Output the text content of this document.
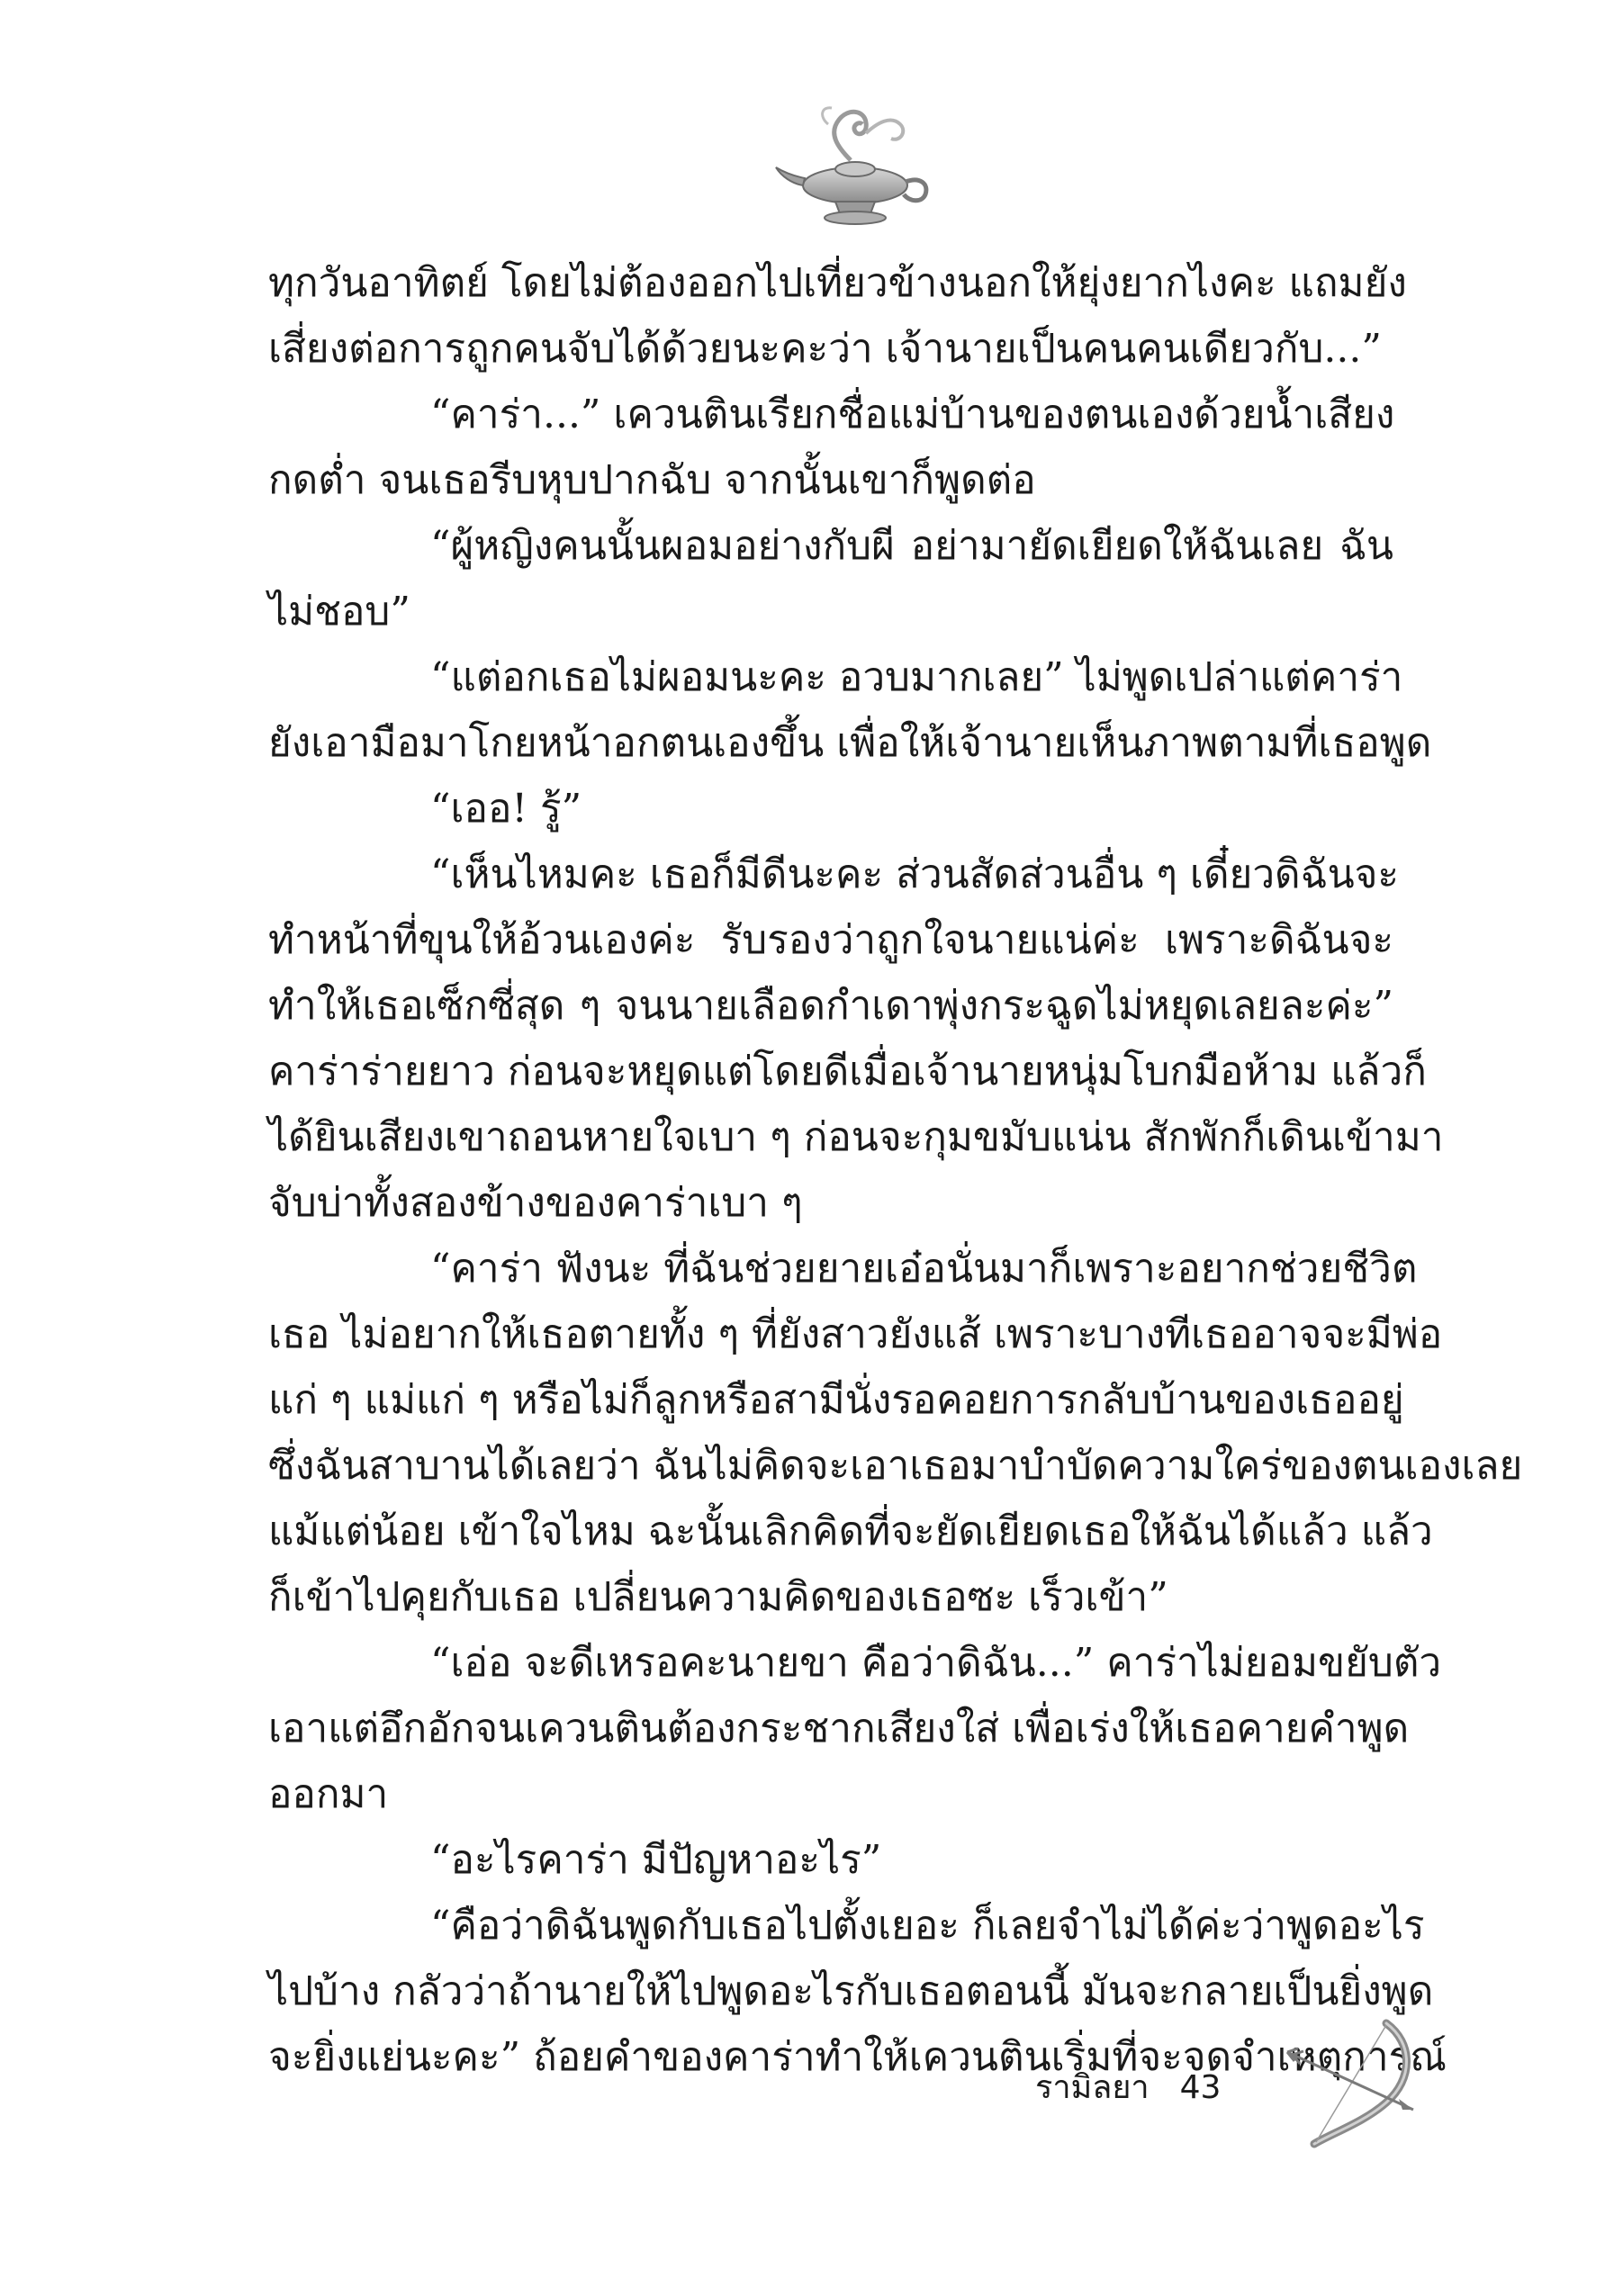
ทุกวันอาทิตย์ โดยไม่ต้องออกไปเที่ยวข้างนอกให้ยุ่งยากไงคะ แถมยัง
เสี่ยงต่อการถูกคนจับได้ด้วยนะคะว่า เจ้านายเป็นคนคนเดียวกับ...”
“คาร่า...” เควนตินเรียกชื่อแม่บ้านของตนเองด้วยน้ำเสียง
กดต่ำ จนเธอรีบหุบปากฉับ จากนั้นเขาก็พูดต่อ
“ผู้หญิงคนนั้นผอมอย่างกับผี อย่ามายัดเยียดให้ฉันเลย ฉัน
ไม่ชอบ”
“แต่อกเธอไม่ผอมนะคะ อวบมากเลย” ไม่พูดเปล่าแต่คาร่า
ยังเอามือมาโกยหน้าอกตนเองขึ้น เพื่อให้เจ้านายเห็นภาพตามที่เธอพูด
“เออ! รู้”
“เห็นไหมคะ เธอก็มีดีนะคะ ส่วนสัดส่วนอื่น ๆ เดี๋ยวดิฉันจะ
ทำหน้าที่ขุนให้อ้วนเองค่ะ รับรองว่าถูกใจนายแน่ค่ะ เพราะดิฉันจะ
ทำให้เธอเซ็กซี่สุด ๆ จนนายเลือดกำเดาพุ่งกระฉูดไม่หยุดเลยละค่ะ”
คาร่าร่ายยาว ก่อนจะหยุดแต่โดยดีเมื่อเจ้านายหนุ่มโบกมือห้าม แล้วก็
ได้ยินเสียงเขาถอนหายใจเบา ๆ ก่อนจะกุมขมับแน่น สักพักก็เดินเข้ามา
จับบ่าทั้งสองข้างของคาร่าเบา ๆ
“คาร่า ฟังนะ ที่ฉันช่วยยายเอ๋อนั่นมาก็เพราะอยากช่วยชีวิต
เธอ ไม่อยากให้เธอตายทั้ง ๆ ที่ยังสาวยังแส้ เพราะบางทีเธออาจจะมีพ่อ
แก่ ๆ แม่แก่ ๆ หรือไม่ก็ลูกหรือสามีนั่งรอคอยการกลับบ้านของเธออยู่
ซึ่งฉันสาบานได้เลยว่า ฉันไม่คิดจะเอาเธอมาบำบัดความใคร่ของตนเองเลย
แม้แต่น้อย เข้าใจไหม ฉะนั้นเลิกคิดที่จะยัดเยียดเธอให้ฉันได้แล้ว แล้ว
ก็เข้าไปคุยกับเธอ เปลี่ยนความคิดของเธอซะ เร็วเข้า”
“เอ่อ จะดีเหรอคะนายขา คือว่าดิฉัน...” คาร่าไม่ยอมขยับตัว
เอาแต่อึกอักจนเควนตินต้องกระชากเสียงใส่ เพื่อเร่งให้เธอคายคำพูด
ออกมา
“อะไรคาร่า มีปัญหาอะไร”
“คือว่าดิฉันพูดกับเธอไปตั้งเยอะ ก็เลยจำไม่ได้ค่ะว่าพูดอะไร
ไปบ้าง กลัวว่าถ้านายให้ไปพูดอะไรกับเธอตอนนี้ มันจะกลายเป็นยิ่งพูด
จะยิ่งแย่นะคะ” ถ้อยคำของคาร่าทำให้เควนตินเริ่มที่จะจดจำเหตุการณ์
รามิลยา 43
